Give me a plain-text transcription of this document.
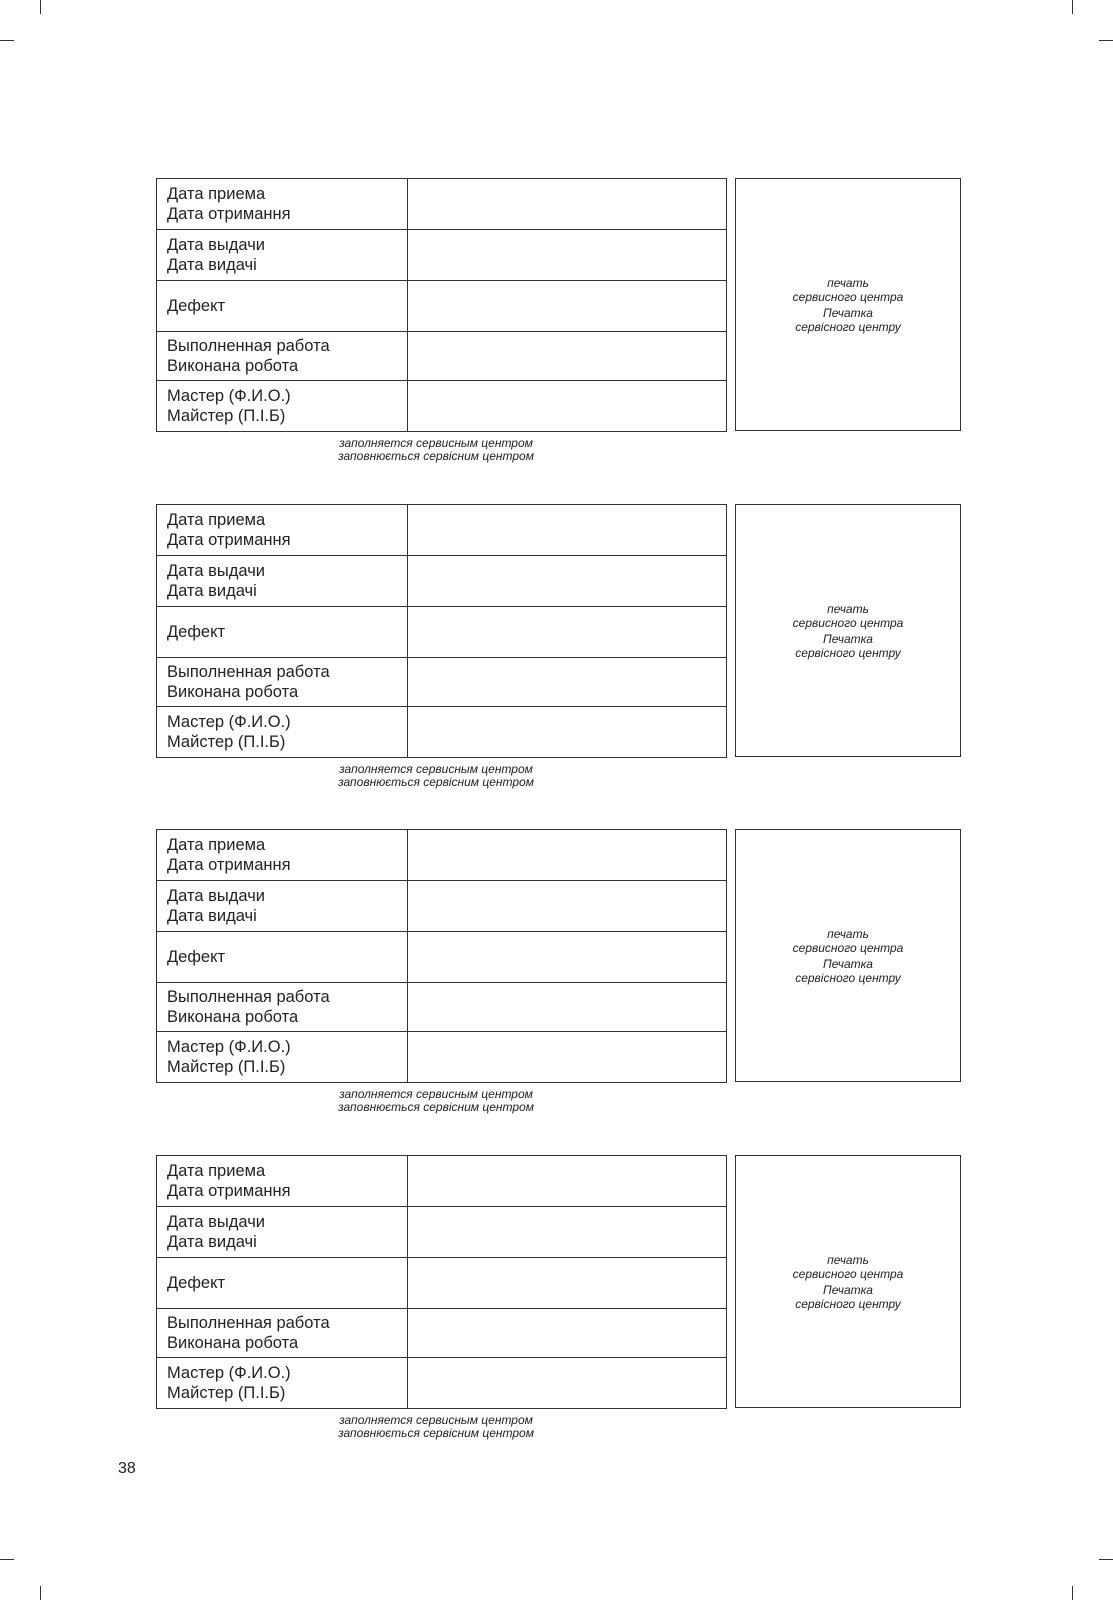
Дата приема
Дата отримання	

Дата выдачи
Дата видачі	

Дефект	

Выполненная работа
Виконана робота	

Мастер (Ф.И.О.)
Майстер (П.І.Б)	

печать
сервисного центра
Печатка
сервісного центру
заполняется сервисным центром
заповнюється сервісним центром
Дата приема
Дата отримання	

Дата выдачи
Дата видачі	

Дефект	

Выполненная работа
Виконана робота	

Мастер (Ф.И.О.)
Майстер (П.І.Б)	

печать
сервисного центра
Печатка
сервісного центру
заполняется сервисным центром
заповнюється сервісним центром
Дата приема
Дата отримання	

Дата выдачи
Дата видачі	

Дефект	

Выполненная работа
Виконана робота	

Мастер (Ф.И.О.)
Майстер (П.І.Б)	

печать
сервисного центра
Печатка
сервісного центру
заполняется сервисным центром
заповнюється сервісним центром
Дата приема
Дата отримання	

Дата выдачи
Дата видачі	

Дефект	

Выполненная работа
Виконана робота	

Мастер (Ф.И.О.)
Майстер (П.І.Б)	

печать
сервисного центра
Печатка
сервісного центру
заполняется сервисным центром
заповнюється сервісним центром
38
